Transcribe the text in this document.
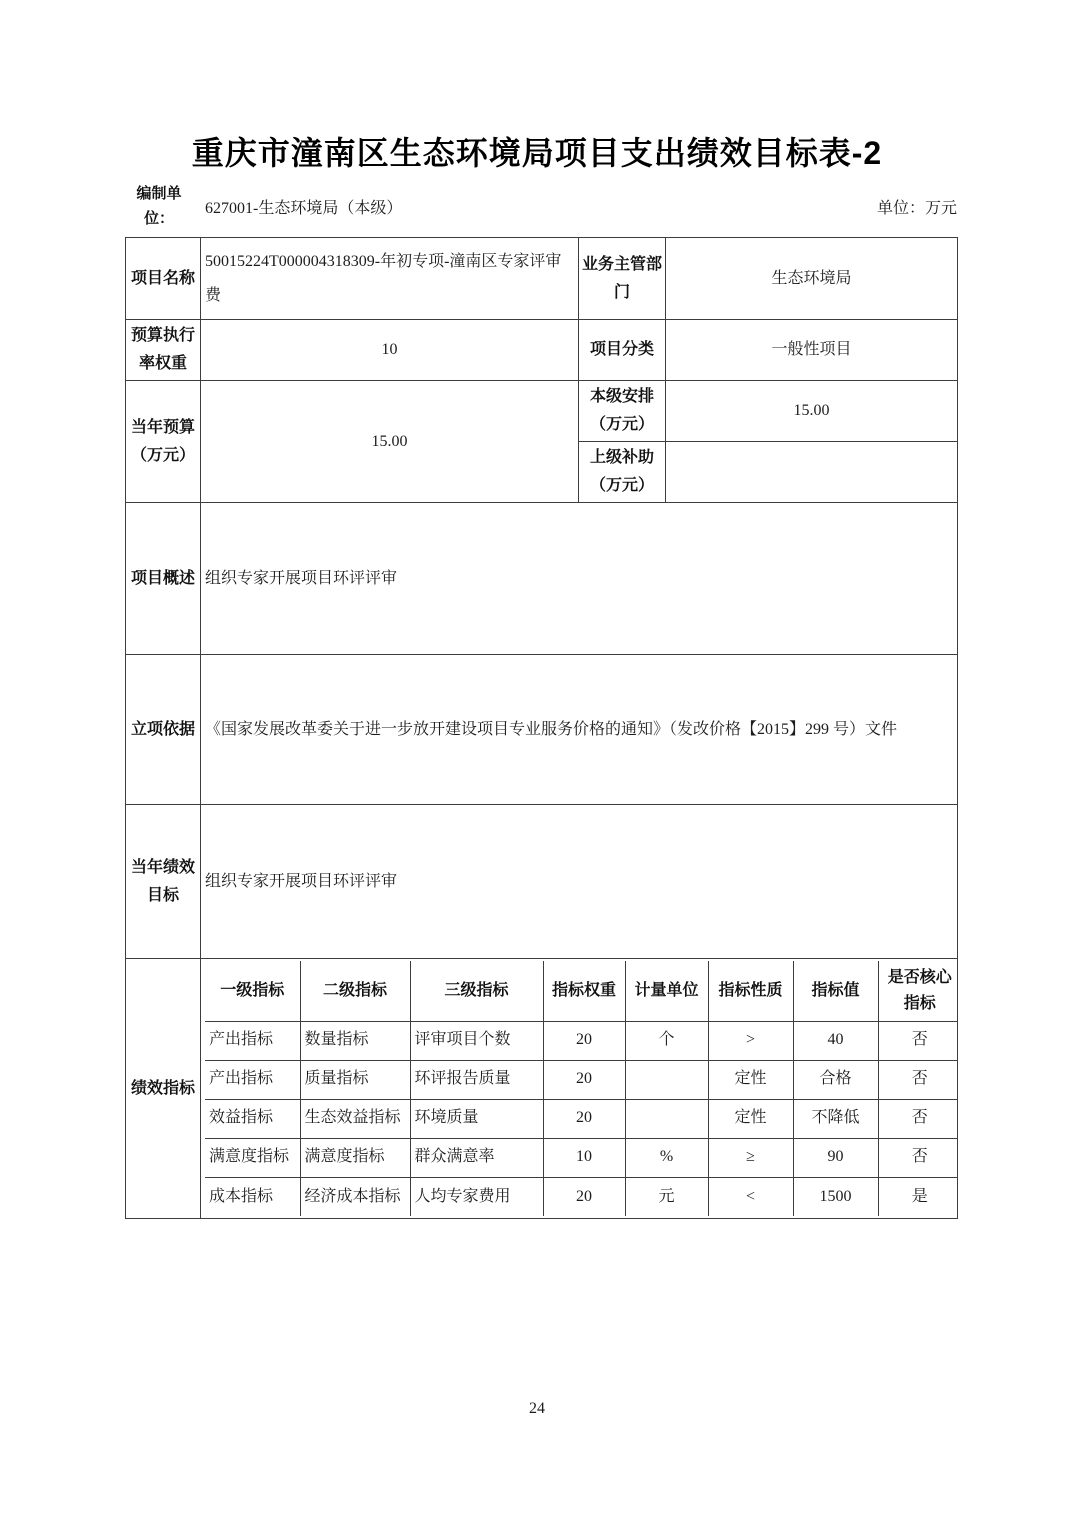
重庆市潼南区生态环境局项目支出绩效目标表-2
编制单位：
627001-生态环境局（本级）	单位：万元
项目名称	50015224T000004318309-年初专项-潼南区专家评审费	业务主管部门	生态环境局
预算执行率权重	10	项目分类	一般性项目
当年预算（万元）	15.00	本级安排（万元）	15.00
上级补助（万元）	
项目概述	组织专家开展项目环评评审
立项依据	《国家发展改革委关于进一步放开建设项目专业服务价格的通知》（发改价格【2015】299 号）文件
当年绩效目标	组织专家开展项目环评评审
绩效指标	
一级指标	二级指标	三级指标	指标权重	计量单位	指标性质	指标值	是否核心指标
产出指标	数量指标	评审项目个数	20	个	>	40	否
产出指标	质量指标	环评报告质量	20		定性	合格	否
效益指标	生态效益指标	环境质量	20		定性	不降低	否
满意度指标	满意度指标	群众满意率	10	%	≥	90	否
成本指标	经济成本指标	人均专家费用	20	元	<	1500	是
24
